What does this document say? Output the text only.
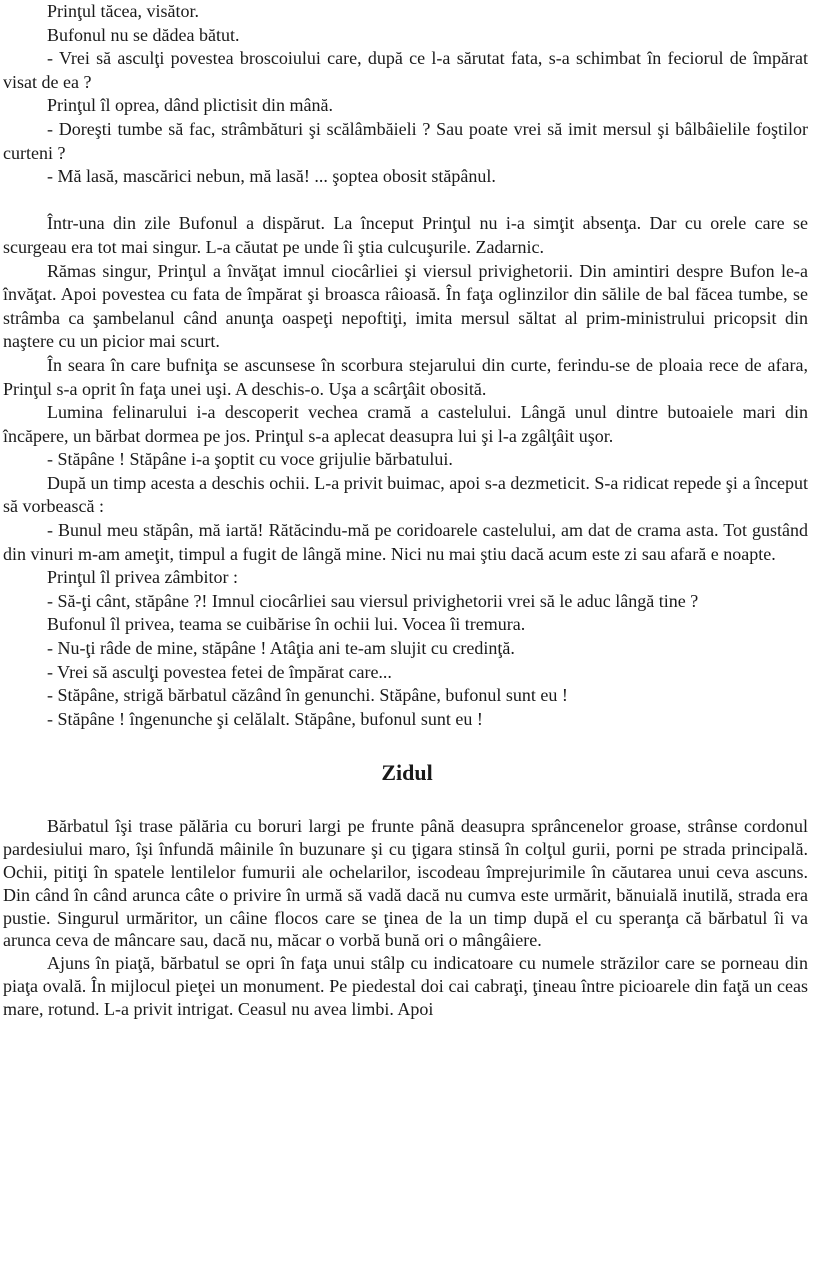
Prinţul tăcea, visător.

Bufonul nu se dădea bătut.

- Vrei să asculţi povestea broscoiului care, după ce l-a sărutat fata, s-a schimbat în feciorul de împărat visat de ea ?

Prinţul îl oprea, dând plictisit din mână.

- Doreşti tumbe să fac, strâmbături şi scălâmbăieli ? Sau poate vrei să imit mersul şi bâlbâielile foştilor curteni ?

- Mă lasă, mascărici nebun, mă lasă! ... şoptea obosit stăpânul.

Într-una din zile Bufonul a dispărut. La început Prinţul nu i-a simţit absenţa. Dar cu orele care se scurgeau era tot mai singur. L-a căutat pe unde îi ştia culcuşurile. Zadarnic.

Rămas singur, Prinţul a învăţat imnul ciocârliei şi viersul privighetorii. Din amintiri despre Bufon le-a învăţat. Apoi povestea cu fata de împărat şi broasca râioasă. În faţa oglinzilor din sălile de bal făcea tumbe, se strâmba ca şambelanul când anunţa oaspeţi nepoftiţi, imita mersul săltat al prim-ministrului pricopsit din naştere cu un picior mai scurt.

În seara în care bufniţa se ascunsese în scorbura stejarului din curte, ferindu-se de ploaia rece de afara, Prinţul s-a oprit în faţa unei uşi. A deschis-o. Uşa a scârţâit obosită.

Lumina felinarului i-a descoperit vechea cramă a castelului. Lângă unul dintre butoaiele mari din încăpere, un bărbat dormea pe jos. Prinţul s-a aplecat deasupra lui şi l-a zgâlţâit uşor.

- Stăpâne ! Stăpâne i-a şoptit cu voce grijulie bărbatului.

După un timp acesta a deschis ochii. L-a privit buimac, apoi s-a dezmeticit. S-a ridicat repede şi a început să vorbească :

- Bunul meu stăpân, mă iartă! Rătăcindu-mă pe coridoarele castelului, am dat de crama asta. Tot gustând din vinuri m-am ameţit, timpul a fugit de lângă mine. Nici nu mai ştiu dacă acum este zi sau afară e noapte.

Prinţul îl privea zâmbitor :

- Să-ţi cânt, stăpâne ?! Imnul ciocârliei sau viersul privighetorii vrei să le aduc lângă tine ?

Bufonul îl privea, teama se cuibărise în ochii lui. Vocea îi tremura.

- Nu-ţi râde de mine, stăpâne ! Atâţia ani te-am slujit cu credinţă.

- Vrei să asculţi povestea fetei de împărat care...

- Stăpâne, strigă bărbatul căzând în genunchi. Stăpâne, bufonul sunt eu !

- Stăpâne ! îngenunche şi celălalt. Stăpâne, bufonul sunt eu !

Zidul

Bărbatul îşi trase pălăria cu boruri largi pe frunte până deasupra sprâncenelor groase, strânse cordonul pardesiului maro, îşi înfundă mâinile în buzunare şi cu ţigara stinsă în colţul gurii, porni pe strada principală. Ochii, pitiţi în spatele lentilelor fumurii ale ochelarilor, iscodeau împrejurimile în căutarea unui ceva ascuns. Din când în când arunca câte o privire în urmă să vadă dacă nu cumva este urmărit, bănuială inutilă, strada era pustie. Singurul urmăritor, un câine flocos care se ţinea de la un timp după el cu speranţa că bărbatul îi va arunca ceva de mâncare sau, dacă nu, măcar o vorbă bună ori o mângâiere.

Ajuns în piaţă, bărbatul se opri în faţa unui stâlp cu indicatoare cu numele străzilor care se porneau din piaţa ovală. În mijlocul pieţei un monument. Pe piedestal doi cai cabraţi, ţineau între picioarele din faţă un ceas mare, rotund. L-a privit intrigat. Ceasul nu avea limbi. Apoi
